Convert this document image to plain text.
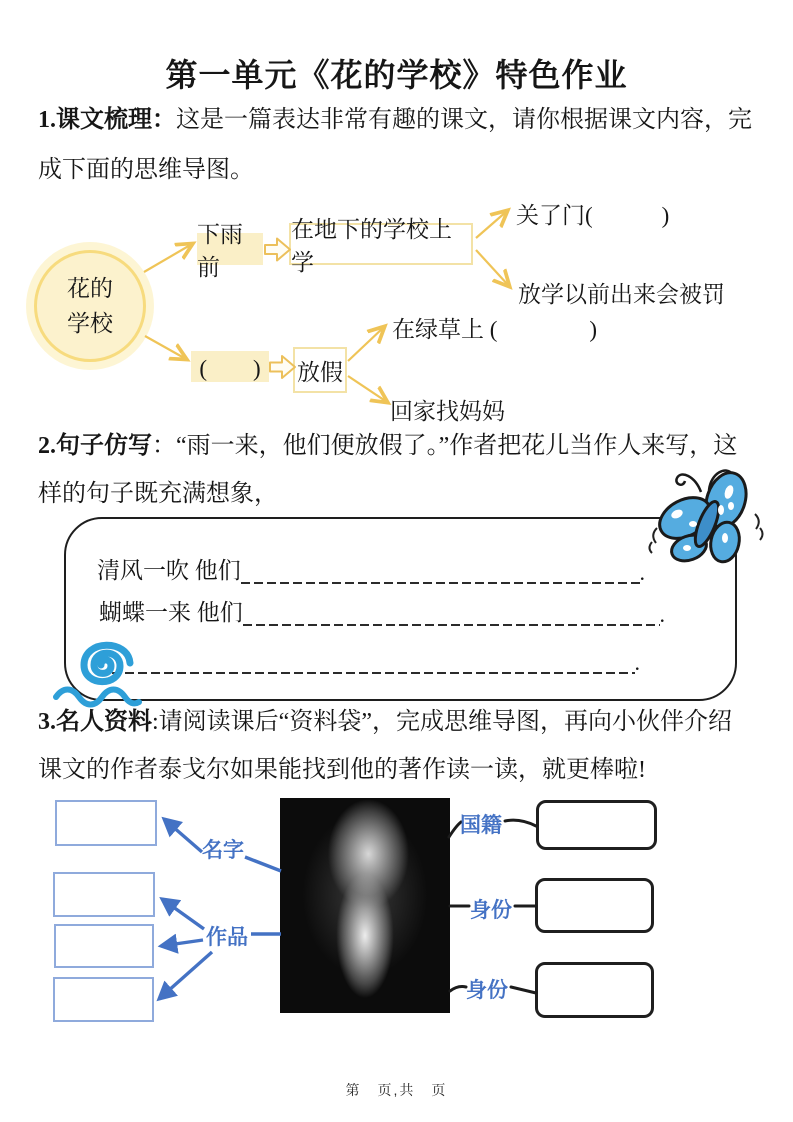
第一单元《花的学校》特色作业
1.课文梳理：这是一篇表达非常有趣的课文，请你根据课文内容，完
成下面的思维导图。
花的
学校
下雨前
在地下的学校上学
关了门(　　　)
放学以前出来会被罚
(　　)	放假
在绿草上 (　　　　)
回家找妈妈
2.句子仿写：“雨一来，他们便放假了。”作者把花儿当作人来写，这
样的句子既充满想象，
清风一吹 他们	.
蝴蝶一来 他们	.
.
3.名人资料:请阅读课后“资料袋”，完成思维导图，再向小伙伴介绍
课文的作者泰戈尔如果能找到他的著作读一读，就更棒啦!
名字
作品
国籍
身份
身份
第　页,共　页
